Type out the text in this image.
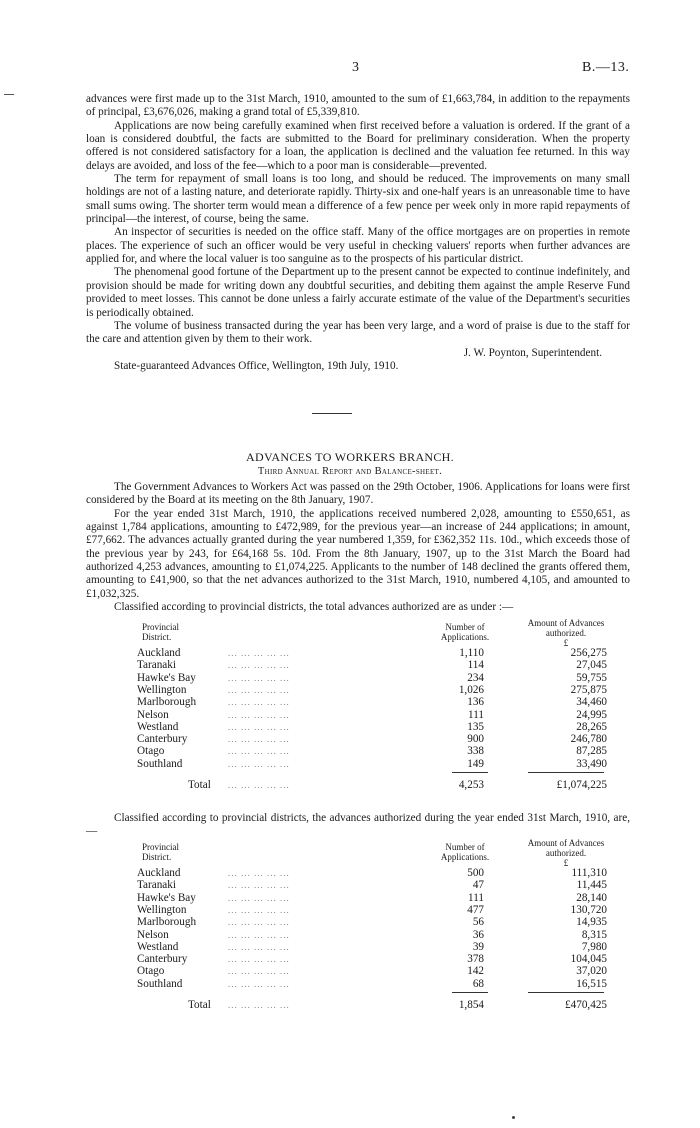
3	B.—13.

advances were first made up to the 31st March, 1910, amounted to the sum of £1,663,784, in addition to the repayments of principal, £3,676,026, making a grand total of £5,339,810.

Applications are now being carefully examined when first received before a valuation is ordered. If the grant of a loan is considered doubtful, the facts are submitted to the Board for preliminary consideration. When the property offered is not considered satisfactory for a loan, the application is declined and the valuation fee returned. In this way delays are avoided, and loss of the fee—which to a poor man is considerable—prevented.

The term for repayment of small loans is too long, and should be reduced. The improvements on many small holdings are not of a lasting nature, and deteriorate rapidly. Thirty-six and one-half years is an unreasonable time to have small sums owing. The shorter term would mean a difference of a few pence per week only in more rapid repayments of principal—the interest, of course, being the same.

An inspector of securities is needed on the office staff. Many of the office mortgages are on properties in remote places. The experience of such an officer would be very useful in checking valuers' reports when further advances are applied for, and where the local valuer is too sanguine as to the prospects of his particular district.

The phenomenal good fortune of the Department up to the present cannot be expected to continue indefinitely, and provision should be made for writing down any doubtful securities, and debiting them against the ample Reserve Fund provided to meet losses. This cannot be done unless a fairly accurate estimate of the value of the Department's securities is periodically obtained.

The volume of business transacted during the year has been very large, and a word of praise is due to the staff for the care and attention given by them to their work.

J. W. Poynton, Superintendent.

State-guaranteed Advances Office, Wellington, 19th July, 1910.

ADVANCES TO WORKERS BRANCH.
Third Annual Report and Balance-sheet.

The Government Advances to Workers Act was passed on the 29th October, 1906. Applications for loans were first considered by the Board at its meeting on the 8th January, 1907.

For the year ended 31st March, 1910, the applications received numbered 2,028, amounting to £550,651, as against 1,784 applications, amounting to £472,989, for the previous year—an increase of 244 applications; in amount, £77,662. The advances actually granted during the year numbered 1,359, for £362,352 11s. 10d., which exceeds those of the previous year by 243, for £64,168 5s. 10d. From the 8th January, 1907, up to the 31st March the Board had authorized 4,253 advances, amounting to £1,074,225. Applicants to the number of 148 declined the grants offered them, amounting to £41,900, so that the net advances authorized to the 31st March, 1910, numbered 4,105, and amounted to £1,032,325.

Classified according to provincial districts, the total advances authorized are as under :—

Provincial
District.
Number of
Applications.
Amount of Advances
authorized.
£
Auckland	... ... ... ... ...	1,110	256,275
Taranaki	... ... ... ... ...	114	27,045
Hawke's Bay	... ... ... ... ...	234	59,755
Wellington	... ... ... ... ...	1,026	275,875
Marlborough	... ... ... ... ...	136	34,460
Nelson	... ... ... ... ...	111	24,995
Westland	... ... ... ... ...	135	28,265
Canterbury	... ... ... ... ...	900	246,780
Otago	... ... ... ... ...	338	87,285
Southland	... ... ... ... ...	149	33,490
Total ... ... ... ... ...	4,253	£1,074,225

Classified according to provincial districts, the advances authorized during the year ended 31st March, 1910, are,—

Provincial
District.
Number of
Applications.
Amount of Advances
authorized.
£
Auckland	... ... ... ... ...	500	111,310
Taranaki	... ... ... ... ...	47	11,445
Hawke's Bay	... ... ... ... ...	111	28,140
Wellington	... ... ... ... ...	477	130,720
Marlborough	... ... ... ... ...	56	14,935
Nelson	... ... ... ... ...	36	8,315
Westland	... ... ... ... ...	39	7,980
Canterbury	... ... ... ... ...	378	104,045
Otago	... ... ... ... ...	142	37,020
Southland	... ... ... ... ...	68	16,515
Total ... ... ... ... ...	1,854	£470,425
